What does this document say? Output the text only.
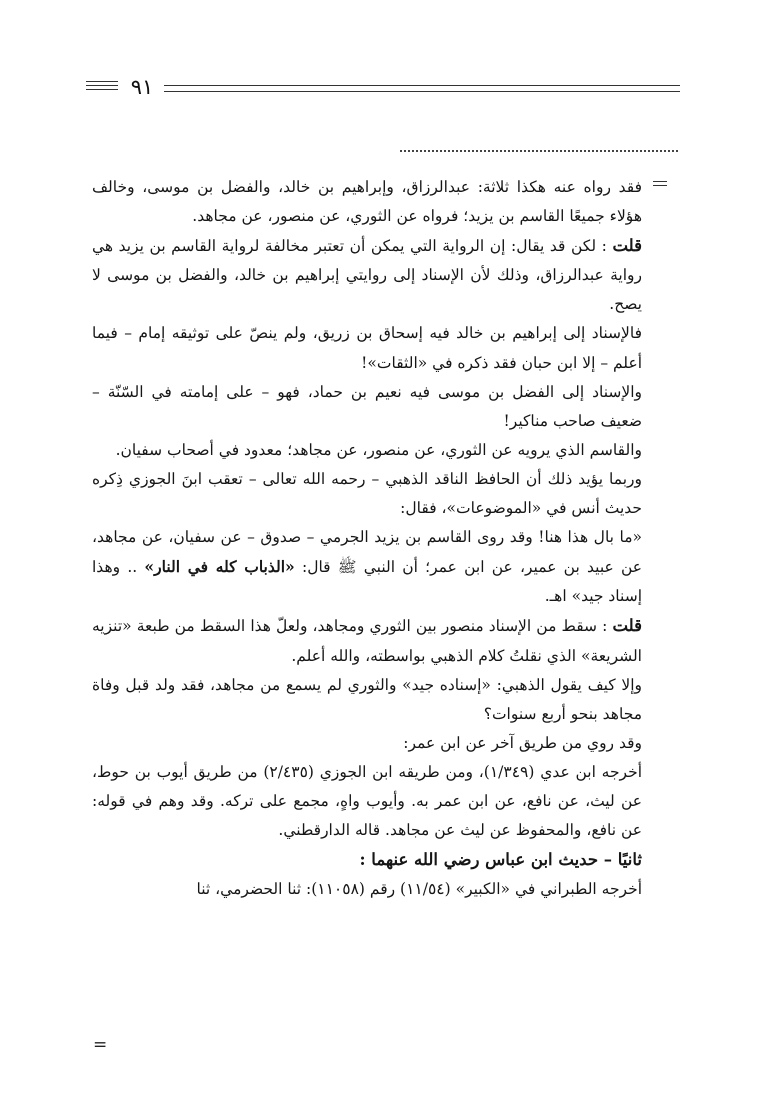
٩١

فقد رواه عنه هكذا ثلاثة: عبدالرزاق، وإبراهيم بن خالد، والفضل بن موسى، وخالف هؤلاء جميعًا القاسم بن يزيد؛ فرواه عن الثوري، عن منصور، عن مجاهد.

قلت : لكن قد يقال: إن الرواية التي يمكن أن تعتبر مخالفة لرواية القاسم بن يزيد هي رواية عبدالرزاق، وذلك لأن الإسناد إلى روايتي إبراهيم بن خالد، والفضل بن موسى لا يصح.

فالإسناد إلى إبراهيم بن خالد فيه إسحاق بن زريق، ولم ينصّ على توثيقه إمام – فيما أعلم – إلا ابن حبان فقد ذكره في «الثقات»!

والإسناد إلى الفضل بن موسى فيه نعيم بن حماد، فهو – على إمامته في السّنّة – ضعيف صاحب مناكير!

والقاسم الذي يرويه عن الثوري، عن منصور، عن مجاهد؛ معدود في أصحاب سفيان.

وربما يؤيد ذلك أن الحافظ الناقد الذهبي – رحمه الله تعالى – تعقب ابنَ الجوزي ذِكره حديث أنس في «الموضوعات»، فقال:

«ما بال هذا هنا! وقد روى القاسم بن يزيد الجرمي – صدوق – عن سفيان، عن مجاهد، عن عبيد بن عمير، عن ابن عمر؛ أن النبي ﷺ قال: «الذباب كله في النار» .. وهذا إسناد جيد» اهـ.

قلت : سقط من الإسناد منصور بين الثوري ومجاهد، ولعلّ هذا السقط من طبعة «تنزيه الشريعة» الذي نقلتُ كلام الذهبي بواسطته، والله أعلم.

وإلا كيف يقول الذهبي: «إسناده جيد» والثوري لم يسمع من مجاهد، فقد ولد قبل وفاة مجاهد بنحو أربع سنوات؟

وقد روي من طريق آخر عن ابن عمر:

أخرجه ابن عدي (١/٣٤٩)، ومن طريقه ابن الجوزي (٢/٤٣٥) من طريق أيوب بن حوط، عن ليث، عن نافع، عن ابن عمر به. وأيوب واهٍ، مجمع على تركه. وقد وهم في قوله: عن نافع، والمحفوظ عن ليث عن مجاهد. قاله الدارقطني.

ثانيًا – حديث ابن عباس رضي الله عنهما :

أخرجه الطبراني في «الكبير» (١١/٥٤) رقم (١١٠٥٨): ثنا الحضرمي، ثنا

=
